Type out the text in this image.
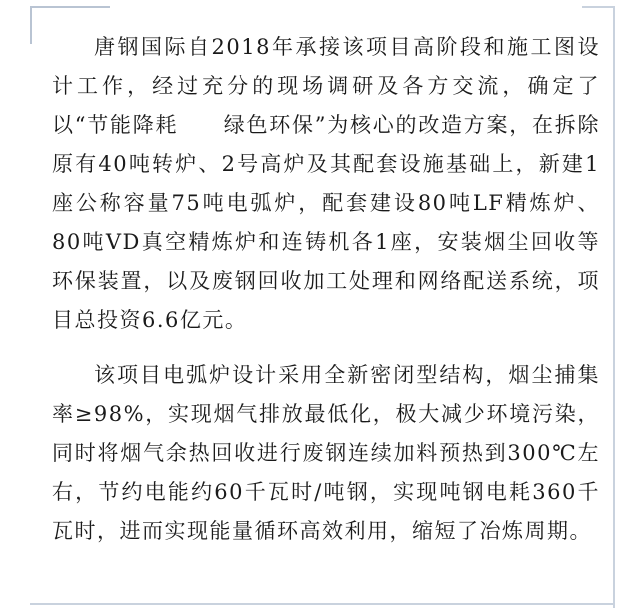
唐钢国际自2018年承接该项目高阶段和施工图设计工作，经过充分的现场调研及各方交流，确定了以“节能降耗　　绿色环保”为核心的改造方案，在拆除原有40吨转炉、2号高炉及其配套设施基础上，新建1座公称容量75吨电弧炉，配套建设80吨LF精炼炉、80吨VD真空精炼炉和连铸机各1座，安装烟尘回收等环保装置，以及废钢回收加工处理和网络配送系统，项目总投资6.6亿元。

该项目电弧炉设计采用全新密闭型结构，烟尘捕集率≥98%，实现烟气排放最低化，极大减少环境污染，同时将烟气余热回收进行废钢连续加料预热到300℃左右，节约电能约60千瓦时/吨钢，实现吨钢电耗360千瓦时，进而实现能量循环高效利用，缩短了冶炼周期。
